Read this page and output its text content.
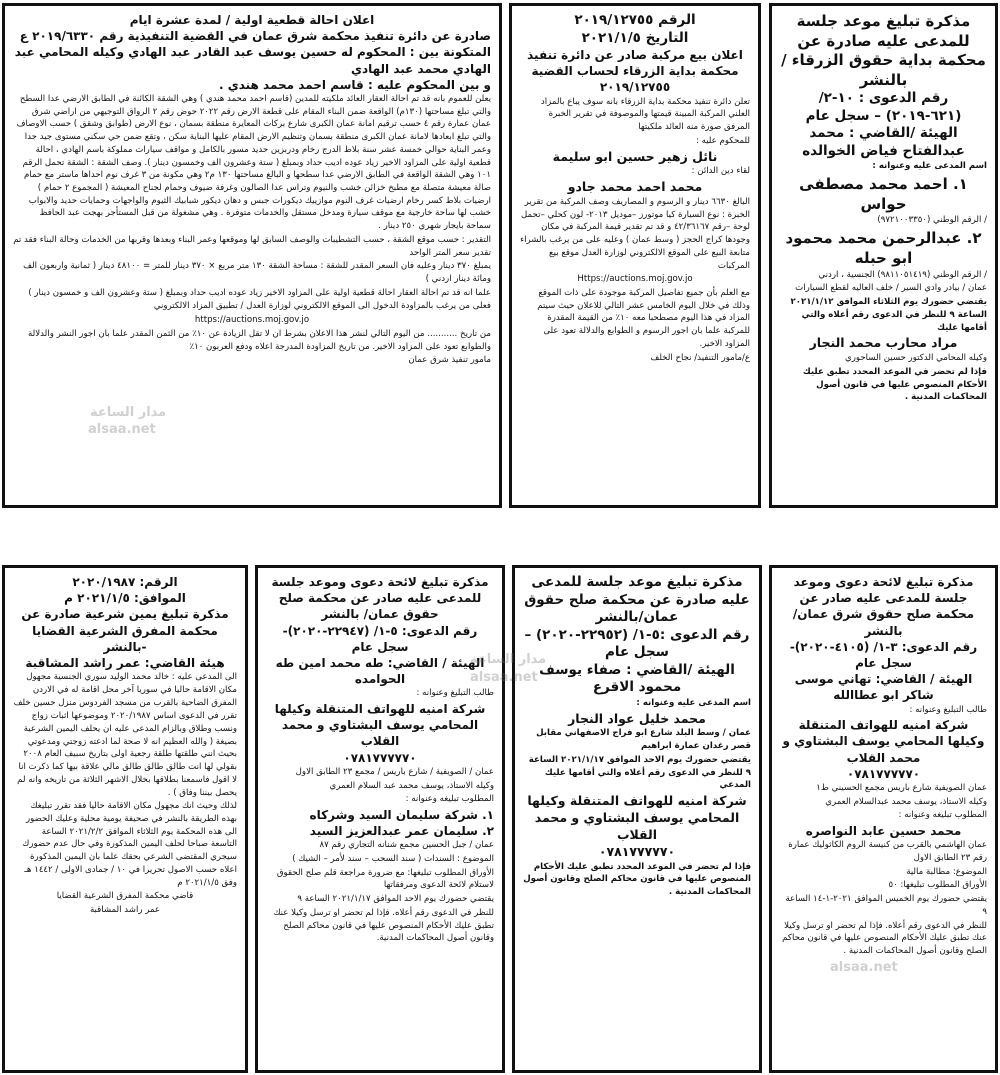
مذكرة تبليغ موعد جلسة للمدعى عليه صادرة عن محكمة بداية حقوق الزرقاء /بالنشر
رقم الدعوى : ١٠-٢/ (٦٢١-٢٠١٩) – سجل عام
الهيئة /القاضي : محمد عبدالفتاح فياض الخوالده

اسم المدعى عليه وعنوانه :

١. احمد محمد مصطفى حواس

/ الرقم الوطني (٩٧٢١٠٠٣٣٥٠)

٢. عبدالرحمن محمد محمود ابو حبله

/ الرقم الوطني (٩٨١١٠٥١٤١٩) الجنسية ، اردني

عمان / بيادر وادي السير / خلف العاليه لقطع السيارات

يقتضي حضورك يوم الثلاثاء الموافق ٢٠٢١/١/١٢ الساعة ٩ للنظر في الدعوى رقم أعلاه والتي أقامها عليك

مراد محارب محمد النجار

وكيله المحامي الدكتور حسين الساحوري

فإذا لم تحضر في الموعد المحدد تطبق عليك الأحكام المنصوص عليها في قانون أصول المحاكمات المدنية .

الرقم ٢٠١٩/١٢٧٥٥
التاريخ ٢٠٢١/١/٥
اعلان بيع مركبة صادر عن دائرة تنفيذ محكمة بداية الزرقاء لحساب القضية ٢٠١٩/١٢٧٥٥

تعلن دائرة تنفيذ محكمة بداية الزرقاء بانه سوف يباع بالمزاد العلني المركبة المبينة قيمتها والموصوفة في تقرير الخبرة المرفق صورة منه العائد ملكيتها

للمحكوم عليه :

نائل زهير حسين ابو سليمة

لقاء دين الدائن :

محمد احمد محمد جادو

البالغ ٦٦٣٠ دينار و الرسوم و المصاريف وصف المركبة من تقرير الخبرة : نوع السيارة كيا موتورز –موديل ٢٠١٣- لون كحلي –تحمل لوحة –رقم ٤٢/٣٦١٦٧ و قد تم تقدير قيمة المركبة في مكان وجودها كراج الحجز ( وسط عمان ) وعليه على من يرغب بالشراء متابعة البيع على الموقع الالكتروني لوزارة العدل موقع بيع المركبات

Https://auctions.moj.gov.jo

مع العلم بأن جميع تفاصيل المركبة موجودة على ذات الموقع وذلك في خلال اليوم الخامس عشر التالي للاعلان حيث سيتم المزاد في هذا اليوم مصطحبا معه ١٠٪ من القيمة المقدرة للمركبة علما بان اجور الرسوم و الطوابع والدلالة تعود على المزاود الاخير.

ع/مامور التنفيذ/ نجاح الخلف

اعلان احالة قطعية اولية / لمدة عشرة ايام
صادرة عن دائرة تنفيذ محكمة شرق عمان في القضية التنفيذية رقم ٢٠١٩/٦٣٣٠ ع
المتكونة بين : المحكوم له حسين يوسف عبد القادر عبد الهادي وكيله المحامي عبد الهادي محمد عبد الهادي
و بين المحكوم عليه : قاسم احمد محمد هندي .

يعلن للعموم بانه قد تم احالة العقار العائد ملكيته للمدين (قاسم احمد محمد هندي ) وهي الشقة الكائنة في الطابق الارضي عدا السطح والتي تبلغ مساحتها (١٣٠م) الواقعة ضمن البناء المقام على قطعة الارض رقم ٢٠٢٢ حوض رقم ٢ الرواق التوجيهي من اراضي شرق عمان عمارة رقم ٤ حسب ترقيم امانة عمان الكبرى شارع بركات المعايرة منطقة بسمان ، نوع الارض (طوابق وشقق ) حسب الاوصاف والتي تبلغ ابعادها لامانة عمان الكبرى منطقة بسمان وتنظيم الارض المقام عليها البناية سكن ، وتقع ضمن حي سكني مستوى جيد جدا وعمر البناية حوالي خمسة عشر سنة بلاط الدرج رخام ودربزين حديد مسور بالكامل و مواقف سيارات مملوكة باسم الهادي ، احالة قطعية اولية على المزاود الاخير زياد عوده اديب حداد وبمبلغ ( ستة وعشرون الف وخمسون دينار ). وصف الشقة : الشقة تحمل الرقم ١٠١ وهي الشقة الواقعة في الطابق الارضي عدا سطحها و البالغ مساحتها ١٣٠ م٢ وهي مكونة من ٣ غرف نوم احداها ماستر مع حمام صالة معيشة متصلة مع مطبخ خزائن خشب والنيوم وتراس عدا الصالون وغرفة ضيوف وحمام لجناح المعيشة ( المجموع ٢ حمام ) ارضيات بلاط كسر رخام ارضيات غرف النوم موازييك ديكورات جبس و دهان ديكور شبابيك الثيوم والواجهات وحمايات حديد والابواب خشب لها ساحة خارجية مع موقف سيارة ومدخل مستقل والخدمات متوفرة . وهي مشغولة من قبل المستأجر بهجت عبد الحافظ سماحة بايجار شهري ٢٥٠ دينار .

التقدير : حسب موقع الشقة ، حسب التشطيبات والوصف السابق لها وموقعها وعمر البناء وبعدها وقربها من الخدمات وحالة البناء فقد تم تقدير سعر المتر الواحد

يمبلغ ٣٧٠ دينار وعليه فان السعر المقدر للشقة : مساحة الشقة ١٣٠ متر مربع × ٣٧٠ دينار للمتر = ٤٨١٠٠ دينار ( ثمانية واربعون الف ومائة دينار اردني )

علما انه قد تم احالة العقار احالة قطعية اولية على المزاود الاخير زياد عوده اديب حداد وبمبلغ ( ستة وعشرون الف و خمسون دينار )

فعلى من يرغب بالمزاودة الدخول الى الموقع الالكتروني لوزارة العدل / تطبيق المزاد الالكتروني

https://auctions.moj.gov.jo

من تاريخ ........... من اليوم التالي لنشر هذا الاعلان بشرط ان لا تقل الزيادة عن ١٠٪ من الثمن المقدر علما بان اجور النشر والدلالة والطوابع تعود على المزاود الاخير. من تاريخ المزاودة المدرجة اعلاه ودفع العربون ١٠٪

مامور تنفيذ شرق عمان

مذكرة تبليغ لائحة دعوى وموعد جلسة للمدعى عليه صادر عن محكمة صلح حقوق شرق عمان/ بالنشر
رقم الدعوى: ٣-١/ (٤١٠٥-٢٠٢٠)- سجل عام
الهيئة / القاضي: تهاني موسى شاكر ابو عطاالله

طالب التبليغ وعنوانه :

شركة امنيه للهواتف المتنقلة وكيلها المحامي يوسف البشتاوي و محمد القلاب
٠٧٨١٧٧٧٧٧٠

عمان الصويفية شارع باريس مجمع الحسيني ط١

وكيله الاستاذ، يوسف محمد عبدالسلام العمري

المطلوب تبليغه وعنوانه :

محمد حسين عابد النواصره

عمان الهاشمي بالقرب من كنيسة الروم الكاثوليك عمارة رقم ٢٣ الطابق الاول

الموضوع: مطالبة مالية

الأوراق المطلوب تبليغها: ٥٠

يقتضي حضورك يوم الخميس الموافق ٢٠٢١-١-١٤ الساعة ٩

للنظر في الدعوى رقم أعلاه. فإذا لم تحضر او ترسل وكيلا عنك تطبق عليك الأحكام المنصوص عليها في قانون محاكم الصلح وقانون أصول المحاكمات المدنية .

مذكرة تبليغ موعد جلسة للمدعى عليه صادرة عن محكمة صلح حقوق عمان/بالنشر
رقم الدعوى :٥-١/ (٢٢٩٥٢-٢٠٢٠) – سجل عام
الهيئة /القاضي : صفاء يوسف محمود الاقرع

اسم المدعى عليه وعنوانه :

محمد خليل عواد النجار

عمان / وسط البلد شارع ابو فراج الاصفهاني مقابل قصر رغدان عمارة ابراهيم

يقتضي حضورك يوم الاحد الموافق ٢٠٢١/١/١٧ الساعة ٩ للنظر في الدعوى رقم أعلاه والتي أقامها عليك المدعي

شركة امنيه للهواتف المتنقلة وكيلها المحامي يوسف البشتاوي و محمد القلاب
٠٧٨١٧٧٧٧٧٠

فإذا لم تحضر في الموعد المحدد تطبق عليك الأحكام المنصوص عليها في قانون محاكم الصلح وقانون أصول المحاكمات المدنية .

مذكرة تبليغ لائحة دعوى وموعد جلسة للمدعى عليه صادر عن محكمة صلح حقوق عمان/ بالنشر
رقم الدعوى: ٥-١/ (٢٢٩٤٧-٢٠٢٠)- سجل عام
الهيئة / القاضي: طه محمد امين طه الحوامده

طالب التبليغ وعنوانه :

شركة امنيه للهواتف المتنقلة وكيلها المحامي يوسف البشتاوي و محمد القلاب
٠٧٨١٧٧٧٧٧٠

عمان / الصويفية / شارع باريس / مجمع ٢٣ الطابق الاول

وكيله الاستاذ، يوسف محمد عبد السلام العمري

المطلوب تبليغه وعنوانه :

١. شركة سليمان السيد وشركاه
٢. سليمان عمر عبدالعزيز السيد

عمان / جبل الحسين مجمع شنانه التجاري رقم ٨٧

الموضوع : السندات ( سند السحب – سند لأمر – الشيك )

الأوراق المطلوب تبليغها: مع ضرورة مراجعة قلم صلح الحقوق لاستلام لائحة الدعوى ومرفقاتها

يقتضي حضورك يوم الاحد الموافق ٢٠٢١/١/١٧ الساعة ٩

للنظر في الدعوى رقم أعلاه. فإذا لم تحضر او ترسل وكيلا عنك تطبق عليك الأحكام المنصوص عليها في قانون محاكم الصلح وقانون أصول المحاكمات المدنية.

الرقم: ٢٠٢٠/١٩٨٧
الموافق: ٢٠٢١/١/٥ م
مذكرة تبليغ يمين شرعية صادرة عن محكمة المفرق الشرعية القضايا -بالنشر
هيئة القاضي: عمر راشد المشاقبة

الى المدعى عليه : خالد محمد الوليد سوري الجنسية مجهول مكان الاقامة حاليا في سوريا آخر محل اقامة له في الاردن المفرق الضاحية بالقرب من مسجد الفردوس منزل حسين خلف

تقرر في الدعوى اساس ٢٠٢٠/١٩٨٧ وموضوعها اثبات زواج ونسب وطلاق وبالزام المدعى عليه ان يحلف اليمين الشرعية بصيغة ( والله العظيم انه لا صحة لما ادعته زوجتي ومدعوتي بحيث انني طلقتها طلقة رجعية اولى بتاريخ سبيف العام ٢٠٠٨ بقولي لها انت طالق طالق طالق مالي علاقة بيها كما ذكرت انا لا اقول فاسمعنا بطلاقها بخلال الاشهر الثلاثة من تاريخه وانه لم يحصل بيننا وفاق ) .

لذلك وحيث انك مجهول مكان الاقامة حاليا فقد تقرر تبليغك بهذه الطريقة بالنشر في صحيفة يومية محلية وعليك الحضور الى هذه المحكمة يوم الثلاثاء الموافق ٢٠٢١/٢/٢ الساعة التاسعة صباحا لحلف اليمين المذكورة وفي حال عدم حضورك سيجري المقتضى الشرعي بحقك علما بان اليمين المذكورة اعلاه حسب الاصول تحريرا في ١٠ / جمادى الاولى / ١٤٤٢ هـ وفق ٢٠٢١/١/٥ م

قاضي محكمة المفرق الشرعية القضايا

عمر راشد المشاقبة

مدار الساعة
alsaa.net
مدار الساعة
alsaa.net
alsaa.net
